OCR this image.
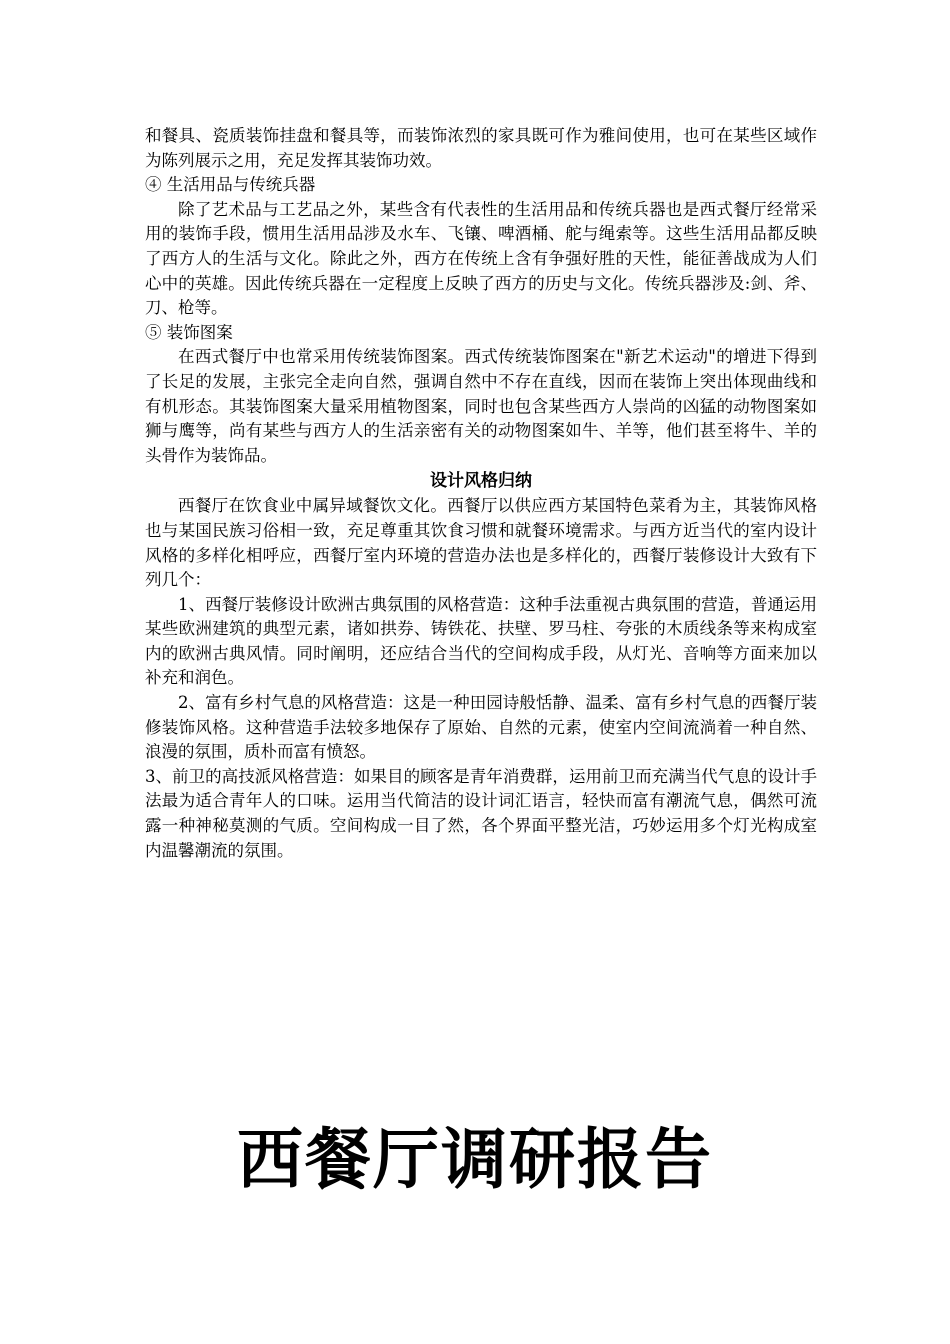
和餐具、瓷质装饰挂盘和餐具等，而装饰浓烈的家具既可作为雅间使用，也可在某些区域作为陈列展示之用，充足发挥其装饰功效。

④ 生活用品与传统兵器

除了艺术品与工艺品之外，某些含有代表性的生活用品和传统兵器也是西式餐厅经常采用的装饰手段，惯用生活用品涉及水车、飞镶、啤酒桶、舵与绳索等。这些生活用品都反映了西方人的生活与文化。除此之外，西方在传统上含有争强好胜的天性，能征善战成为人们心中的英雄。因此传统兵器在一定程度上反映了西方的历史与文化。传统兵器涉及:剑、斧、刀、枪等。

⑤ 装饰图案

在西式餐厅中也常采用传统装饰图案。西式传统装饰图案在"新艺术运动"的增进下得到了长足的发展，主张完全走向自然，强调自然中不存在直线，因而在装饰上突出体现曲线和有机形态。其装饰图案大量采用植物图案，同时也包含某些西方人崇尚的凶猛的动物图案如狮与鹰等，尚有某些与西方人的生活亲密有关的动物图案如牛、羊等，他们甚至将牛、羊的头骨作为装饰品。

设计风格归纳

西餐厅在饮食业中属异域餐饮文化。西餐厅以供应西方某国特色菜肴为主，其装饰风格也与某国民族习俗相一致，充足尊重其饮食习惯和就餐环境需求。与西方近当代的室内设计风格的多样化相呼应，西餐厅室内环境的营造办法也是多样化的，西餐厅装修设计大致有下列几个：

1、西餐厅装修设计欧洲古典氛围的风格营造：这种手法重视古典氛围的营造，普通运用某些欧洲建筑的典型元素，诸如拱券、铸铁花、扶壁、罗马柱、夸张的木质线条等来构成室内的欧洲古典风情。同时阐明，还应结合当代的空间构成手段，从灯光、音响等方面来加以补充和润色。

2、富有乡村气息的风格营造：这是一种田园诗般恬静、温柔、富有乡村气息的西餐厅装修装饰风格。这种营造手法较多地保存了原始、自然的元素，使室内空间流淌着一种自然、浪漫的氛围，质朴而富有愤怒。

3、前卫的高技派风格营造：如果目的顾客是青年消费群，运用前卫而充满当代气息的设计手法最为适合青年人的口味。运用当代简洁的设计词汇语言，轻快而富有潮流气息，偶然可流露一种神秘莫测的气质。空间构成一目了然，各个界面平整光洁，巧妙运用多个灯光构成室内温馨潮流的氛围。

西餐厅调研报告
